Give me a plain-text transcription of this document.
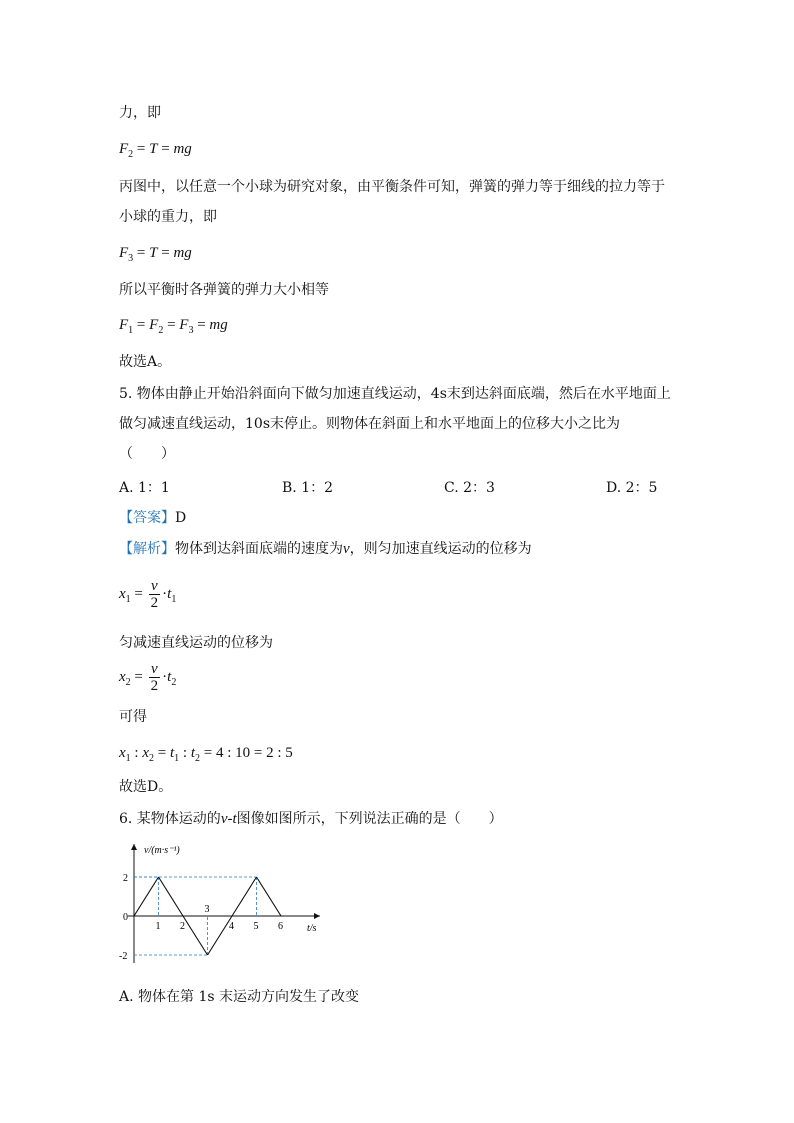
力，即
$F_2 = T$ = mg
丙图中，以任意一个小球为研究对象，由平衡条件可知，弹簧的弹力等于细线的拉力等于
小球的重力，即
$F_3 = T$ = mg
所以平衡时各弹簧的弹力大小相等
$F_1 = F_2 = F_3$ = mg
故选A。
5. 物体由静止开始沿斜面向下做匀加速直线运动，4s末到达斜面底端，然后在水平地面上
做匀减速直线运动，10s末停止。则物体在斜面上和水平地面上的位移大小之比为
（　　）
A. 1：1	B. 1：2	C. 2：3	D. 2：5
【答案】D
【解析】物体到达斜面底端的速度为v，则匀加速直线运动的位移为
$x_1 = \frac{v}{2} \cdot t_1$
匀减速直线运动的位移为
$x_2 = \frac{v}{2} \cdot t_2$
可得
$x_1$ : $x_2 = t_1$ : $t_2 = 4$ : 10 = 2 : 5
故选D。
6. 某物体运动的v-t图像如图所示，下列说法正确的是（　　）
v/(m·s⁻¹)
t/s
1 2
3
4 5 6
2
0
-2
A. 物体在第 1s 末运动方向发生了改变
